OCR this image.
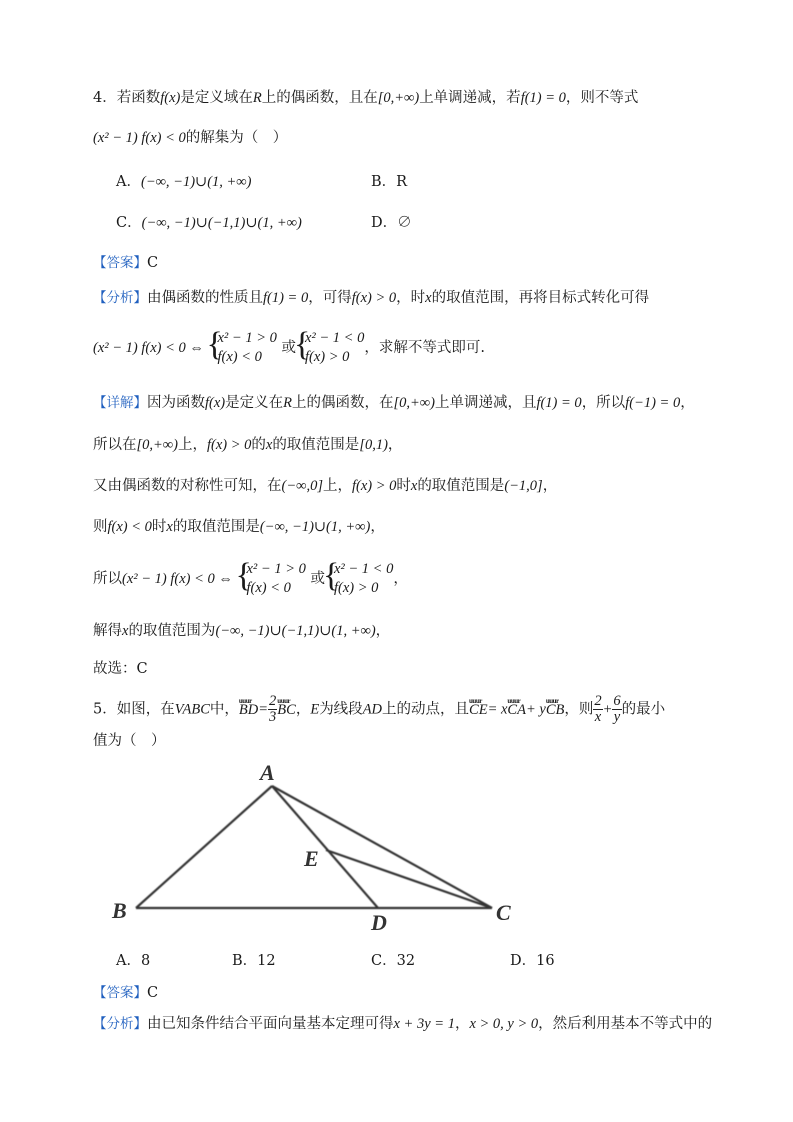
4．若函数f(x)是定义域在R上的偶函数，且在[0,+∞)上单调递减，若f(1) = 0，则不等式
(x² − 1) f(x) < 0的解集为（　）
A．(−∞, −1)∪(1, +∞)	B．R
C．(−∞, −1)∪(−1,1)∪(1, +∞)	D．∅
【答案】C
【分析】由偶函数的性质且f(1) = 0，可得f(x) > 0，时x的取值范围，再将目标式转化可得
(x² − 1) f(x) < 0 ⇔
{ x² − 1 > 0
f(x) < 0
或
{ x² − 1 < 0
f(x) > 0
，求解不等式即可.
【详解】因为函数f(x)是定义在R上的偶函数，在[0,+∞)上单调递减，且f(1) = 0，所以f(−1) = 0，
所以在[0,+∞)上，f(x) > 0的x的取值范围是[0,1)，
又由偶函数的对称性可知，在(−∞,0]上，f(x) > 0时x的取值范围是(−1,0]，
则f(x) < 0时x的取值范围是(−∞, −1)∪(1, +∞)，
所以(x² − 1) f(x) < 0 ⇔
{ x² − 1 > 0
f(x) < 0
或
{ x² − 1 < 0
f(x) > 0
，
解得x的取值范围为(−∞, −1)∪(−1,1)∪(1, +∞)，
故选：C
5．如图，在VABC中，uuur $BD= \frac{2}{3}$
uuur BC，E为线段AD上的动点，且uuur CE= xuuur CA+ yuuur CB，则 $\frac{2}{x} + \frac{6}{y}$ 的最小
值为（　）
A
B	C
D
E
A．8	B．12	C．32	D．16
【答案】C
【分析】由已知条件结合平面向量基本定理可得x + 3y = 1，x > 0, y > 0，然后利用基本不等式中的
